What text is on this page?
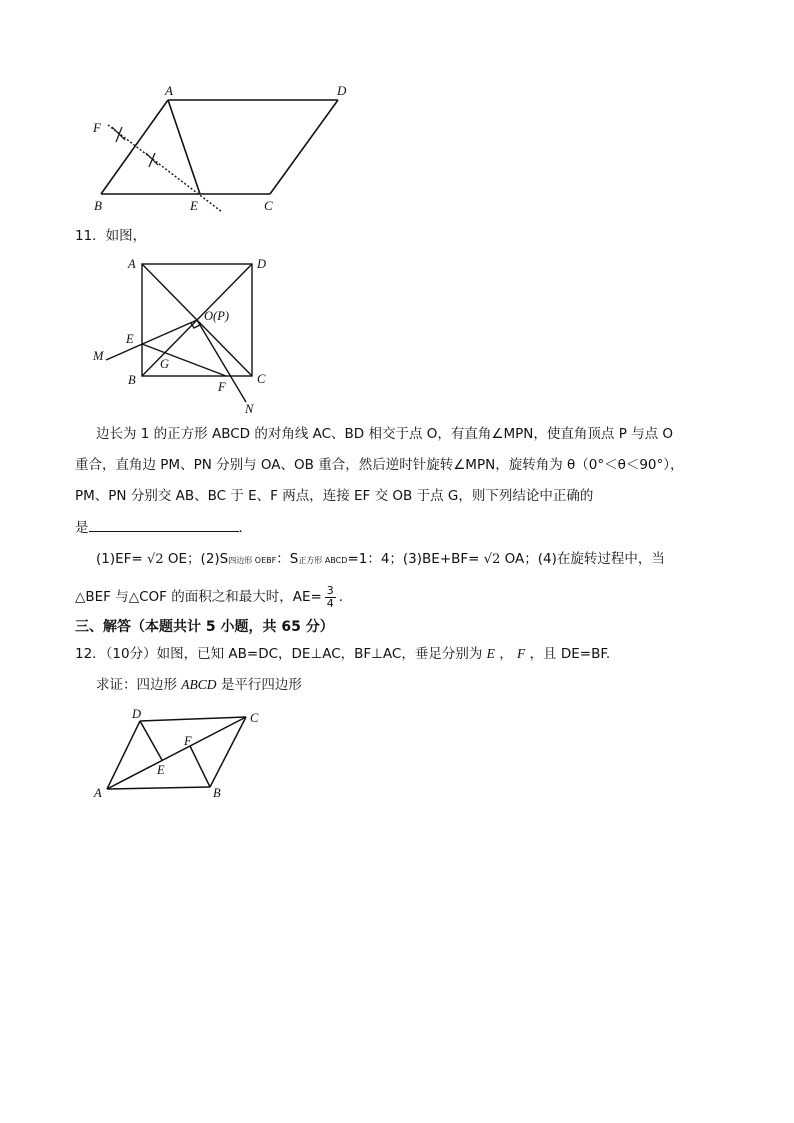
A	D
F
B	E	C
11．如图，
A	D
O(P)
E
M
G
B	F
C
N
边长为 1 的正方形 ABCD 的对角线 AC、BD 相交于点 O，有直角∠MPN，使直角顶点 P 与点 O
重合，直角边 PM、PN 分别与 OA、OB 重合，然后逆时针旋转∠MPN，旋转角为 θ（0°＜θ＜90°），
PM、PN 分别交 AB、BC 于 E、F 两点，连接 EF 交 OB 于点 G，则下列结论中正确的
是	．
(1)EF= √2 OE；(2)S四边形 OEBF：S正方形 ABCD=1：4；(3)BE+BF= √2 OA；(4)在旋转过程中，当
△BEF 与△COF 的面积之和最大时，$AE= \frac{3}{4}$ ．
三、解答（本题共计 5 小题，共 65 分）
12．（10分）如图，已知 AB=DC，DE⊥AC，BF⊥AC，垂足分别为 E ， F ，且 DE=BF.
求证：四边形 ABCD 是平行四边形
D	C
F
E
A	B
